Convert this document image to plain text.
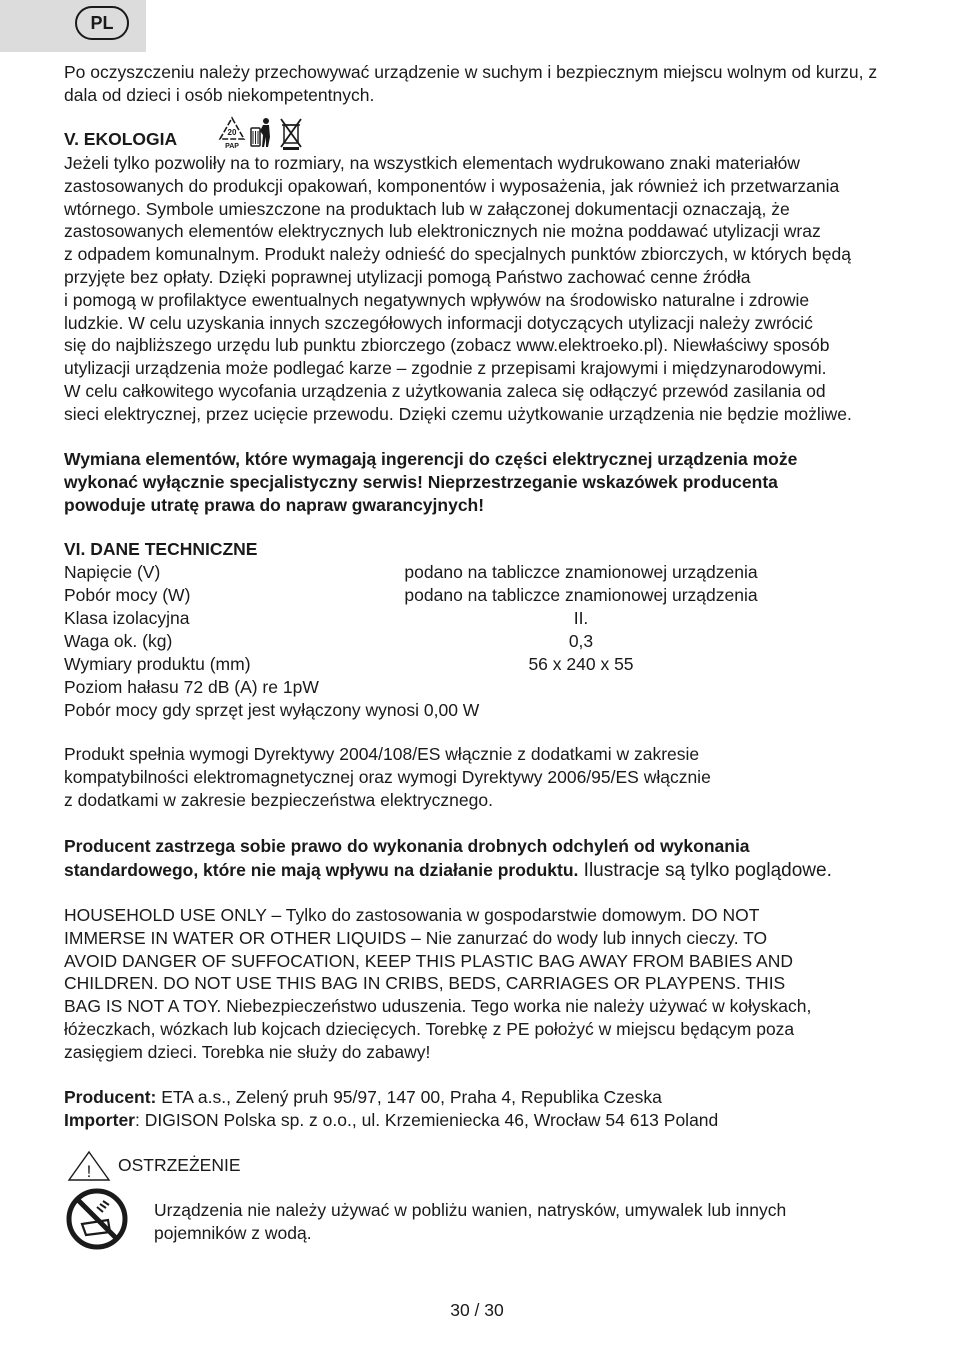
PL
Po oczyszczeniu należy przechowywać urządzenie w suchym i bezpiecznym miejscu wolnym od kurzu, z dala od dzieci i osób niekompetentnych.
V. EKOLOGIA	20
PAP
Jeżeli tylko pozwoliły na to rozmiary, na wszystkich elementach wydrukowano znaki materiałów
zastosowanych do produkcji opakowań, komponentów i wyposażenia, jak również ich przetwarzania
wtórnego. Symbole umieszczone na produktach lub w załączonej dokumentacji oznaczają, że
zastosowanych elementów elektrycznych lub elektronicznych nie można poddawać utylizacji wraz
z odpadem komunalnym. Produkt należy odnieść do specjalnych punktów zbiorczych, w których będą
przyjęte bez opłaty. Dzięki poprawnej utylizacji pomogą Państwo zachować cenne źródła
i pomogą w profilaktyce ewentualnych negatywnych wpływów na środowisko naturalne i zdrowie
ludzkie. W celu uzyskania innych szczegółowych informacji dotyczących utylizacji należy zwrócić
się do najbliższego urzędu lub punktu zbiorczego (zobacz www.elektroeko.pl). Niewłaściwy sposób
utylizacji urządzenia może podlegać karze – zgodnie z przepisami krajowymi i międzynarodowymi.
W celu całkowitego wycofania urządzenia z użytkowania zaleca się odłączyć przewód zasilania od
sieci elektrycznej, przez ucięcie przewodu. Dzięki czemu użytkowanie urządzenia nie będzie możliwe.
Wymiana elementów, które wymagają ingerencji do części elektrycznej urządzenia może
wykonać wyłącznie specjalistyczny serwis! Nieprzestrzeganie wskazówek producenta
powoduje utratę prawa do napraw gwarancyjnych!
VI. DANE TECHNICZNE
Napięcie (V)	podano na tabliczce znamionowej urządzenia
Pobór mocy (W)	podano na tabliczce znamionowej urządzenia
Klasa izolacyjna	II.
Waga ok. (kg)	0,3
Wymiary produktu (mm)	56 x 240 x 55
Poziom hałasu 72 dB (A) re 1pW
Pobór mocy gdy sprzęt jest wyłączony wynosi 0,00 W
Produkt spełnia wymogi Dyrektywy 2004/108/ES włącznie z dodatkami w zakresie
kompatybilności elektromagnetycznej oraz wymogi Dyrektywy 2006/95/ES włącznie
z dodatkami w zakresie bezpieczeństwa elektrycznego.
Producent zastrzega sobie prawo do wykonania drobnych odchyleń od wykonania
standardowego, które nie mają wpływu na działanie produktu. Ilustracje są tylko poglądowe.
HOUSEHOLD USE ONLY – Tylko do zastosowania w gospodarstwie domowym. DO NOT
IMMERSE IN WATER OR OTHER LIQUIDS – Nie zanurzać do wody lub innych cieczy. TO
AVOID DANGER OF SUFFOCATION, KEEP THIS PLASTIC BAG AWAY FROM BABIES AND
CHILDREN. DO NOT USE THIS BAG IN CRIBS, BEDS, CARRIAGES OR PLAYPENS. THIS
BAG IS NOT A TOY. Niebezpieczeństwo uduszenia. Tego worka nie należy używać w kołyskach,
łóżeczkach, wózkach lub kojcach dziecięcych. Torebkę z PE położyć w miejscu będącym poza
zasięgiem dzieci. Torebka nie służy do zabawy!
Producent: ETA a.s., Zelený pruh 95/97, 147 00, Praha 4, Republika Czeska
Importer: DIGISON Polska sp. z o.o., ul. Krzemieniecka 46, Wrocław 54 613 Poland
! OSTRZEŻENIE
Urządzenia nie należy używać w pobliżu wanien, natrysków, umywalek lub innych
pojemników z wodą.
30 / 30
